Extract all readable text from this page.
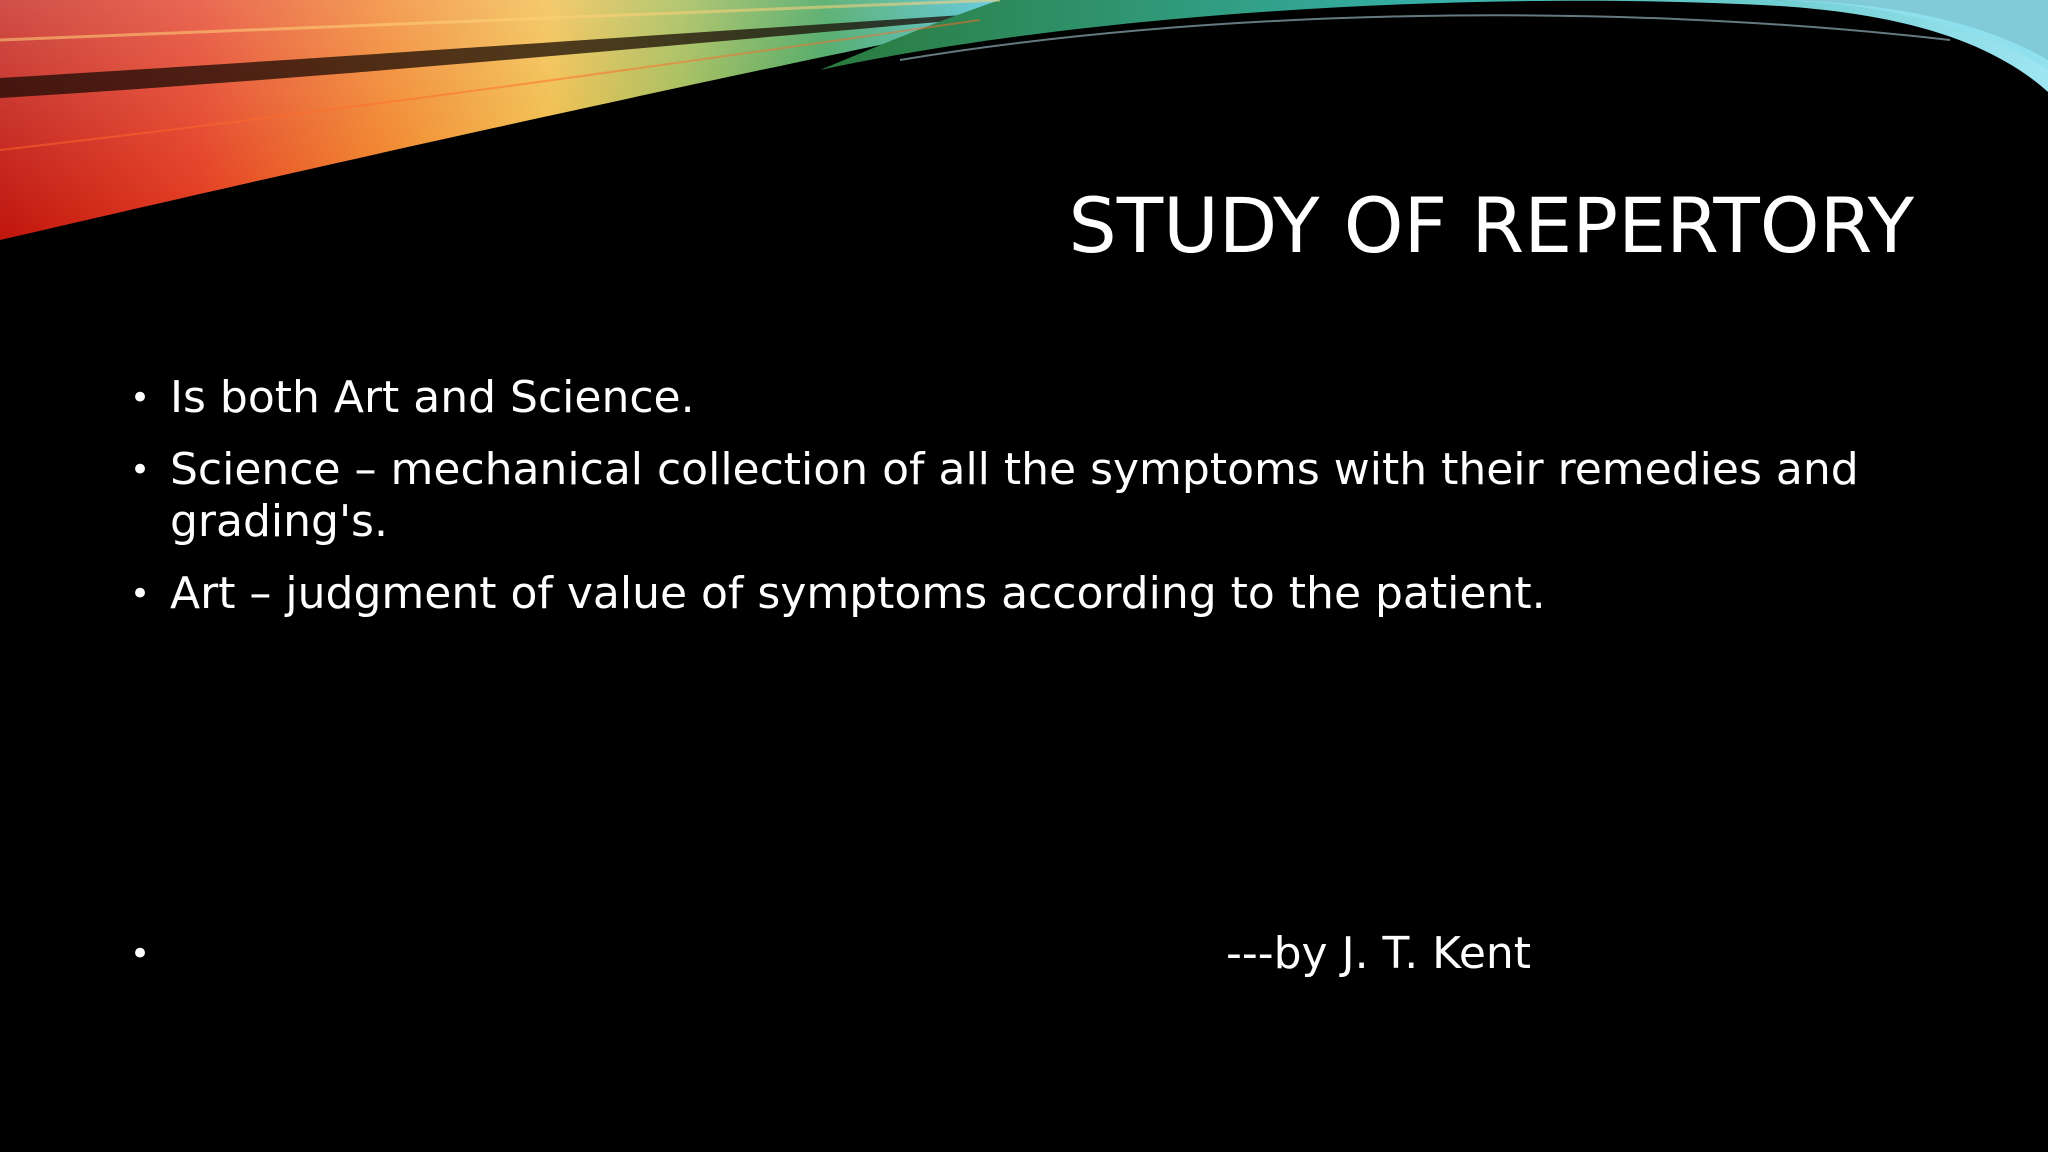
STUDY OF REPERTORY
• Is both Art and Science.
• Science – mechanical collection of all the symptoms with their remedies and grading's.
• Art – judgment of value of symptoms according to the patient.
•	---by J. T. Kent
